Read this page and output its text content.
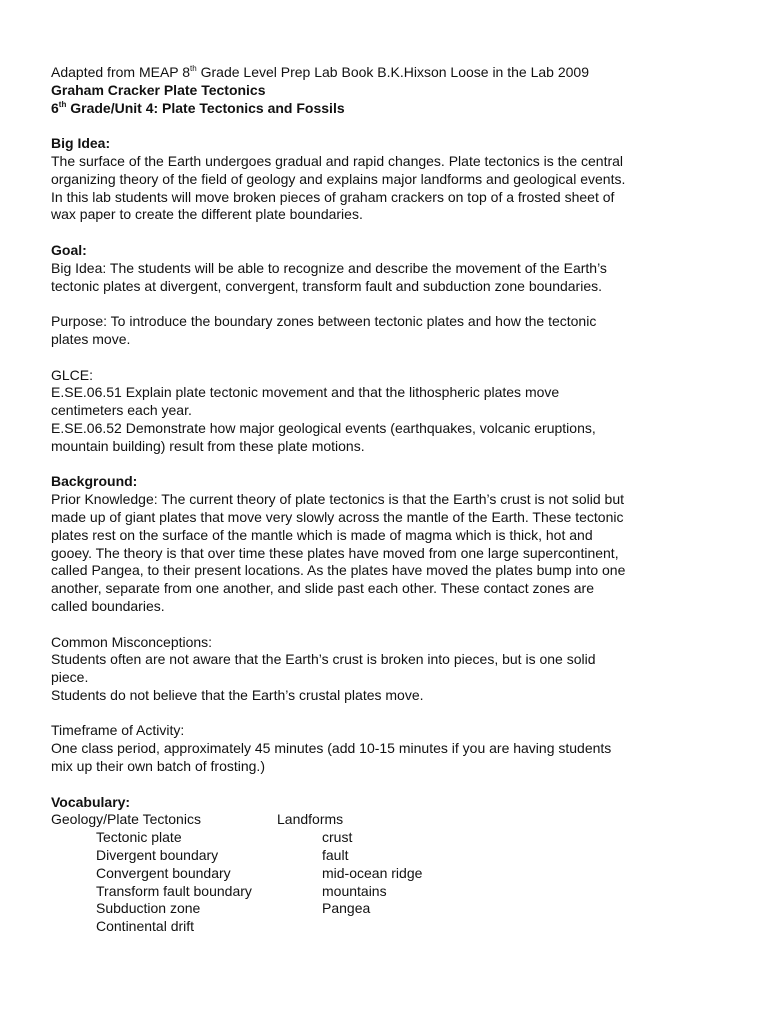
Adapted from MEAP 8th Grade Level Prep Lab Book B.K.Hixson Loose in the Lab 2009
Graham Cracker Plate Tectonics
6th Grade/Unit 4: Plate Tectonics and Fossils
Big Idea:
The surface of the Earth undergoes gradual and rapid changes. Plate tectonics is the central
organizing theory of the field of geology and explains major landforms and geological events.
In this lab students will move broken pieces of graham crackers on top of a frosted sheet of
wax paper to create the different plate boundaries.
Goal:
Big Idea: The students will be able to recognize and describe the movement of the Earth’s
tectonic plates at divergent, convergent, transform fault and subduction zone boundaries.
Purpose: To introduce the boundary zones between tectonic plates and how the tectonic
plates move.
GLCE:
E.SE.06.51 Explain plate tectonic movement and that the lithospheric plates move
centimeters each year.
E.SE.06.52 Demonstrate how major geological events (earthquakes, volcanic eruptions,
mountain building) result from these plate motions.
Background:
Prior Knowledge: The current theory of plate tectonics is that the Earth’s crust is not solid but
made up of giant plates that move very slowly across the mantle of the Earth. These tectonic
plates rest on the surface of the mantle which is made of magma which is thick, hot and
gooey. The theory is that over time these plates have moved from one large supercontinent,
called Pangea, to their present locations. As the plates have moved the plates bump into one
another, separate from one another, and slide past each other. These contact zones are
called boundaries.
Common Misconceptions:
Students often are not aware that the Earth’s crust is broken into pieces, but is one solid
piece.
Students do not believe that the Earth’s crustal plates move.
Timeframe of Activity:
One class period, approximately 45 minutes (add 10-15 minutes if you are having students
mix up their own batch of frosting.)
Vocabulary:
Geology/Plate Tectonics	Landforms
Tectonic plate	crust
Divergent boundary	fault
Convergent boundary	mid-ocean ridge
Transform fault boundary	mountains
Subduction zone	Pangea
Continental drift
